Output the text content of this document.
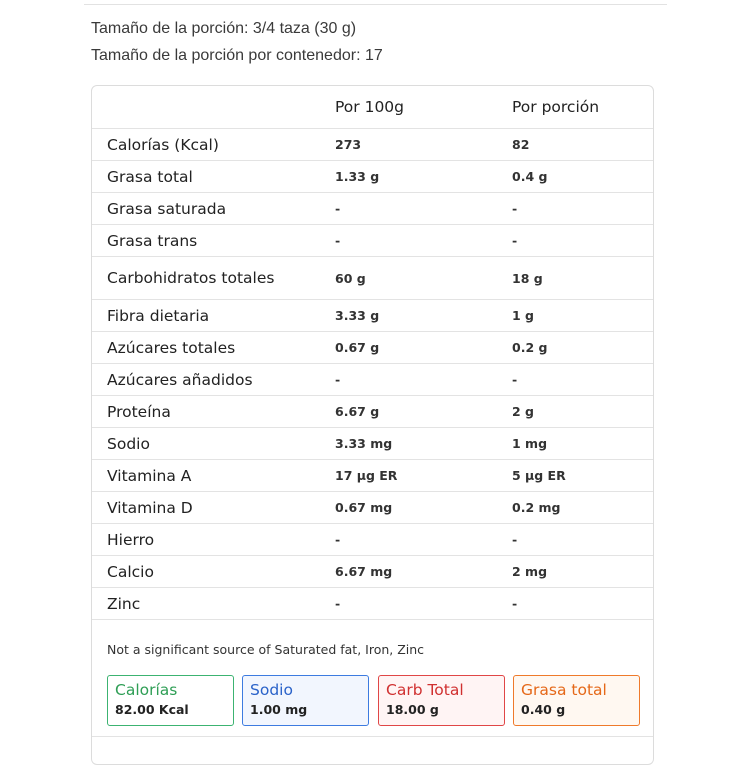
Tamaño de la porción: 3/4 taza (30 g)
Tamaño de la porción por contenedor: 17
	Por 100g	Por porción
Calorías (Kcal)	273	82
Grasa total	1.33 g	0.4 g
Grasa saturada	-	-
Grasa trans	-	-
Carbohidratos totales	60 g	18 g
Fibra dietaria	3.33 g	1 g
Azúcares totales	0.67 g	0.2 g
Azúcares añadidos	-	-
Proteína	6.67 g	2 g
Sodio	3.33 mg	1 mg
Vitamina A	17 µg ER	5 µg ER
Vitamina D	0.67 mg	0.2 mg
Hierro	-	-
Calcio	6.67 mg	2 mg
Zinc	-	-
Not a significant source of Saturated fat, Iron, Zinc
Calorías
82.00 Kcal
Sodio
1.00 mg
Carb Total
18.00 g
Grasa total
0.40 g
